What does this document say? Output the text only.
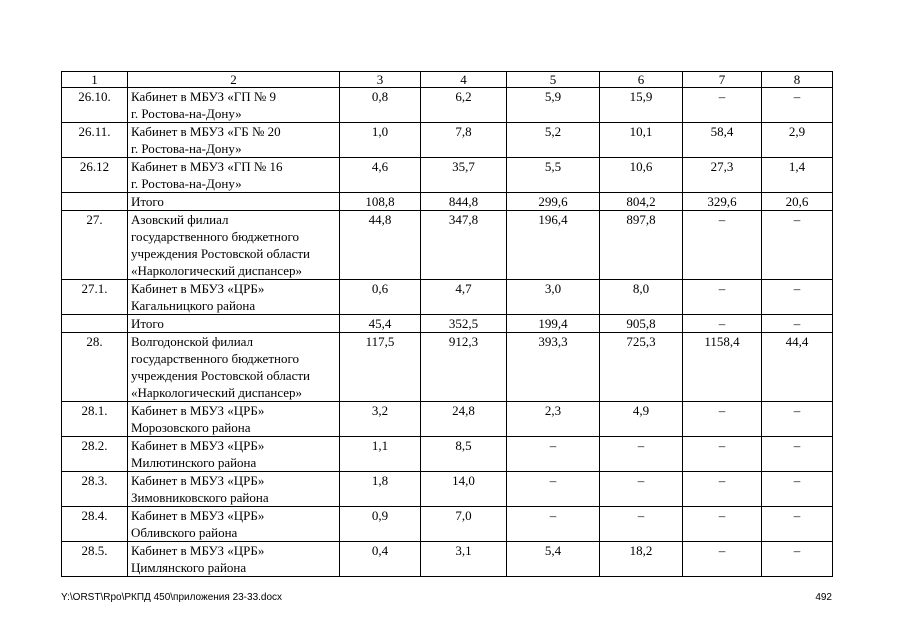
1	2	3	4	5	6	7	8
26.10.	Кабинет в МБУЗ «ГП № 9
г. Ростова-на-Дону»	0,8	6,2	5,9	15,9	–	–
26.11.	Кабинет в МБУЗ «ГБ № 20
г. Ростова-на-Дону»	1,0	7,8	5,2	10,1	58,4	2,9
26.12	Кабинет в МБУЗ «ГП № 16
г. Ростова-на-Дону»	4,6	35,7	5,5	10,6	27,3	1,4
	Итого	108,8	844,8	299,6	804,2	329,6	20,6
27.	Азовский филиал
государственного бюджетного
учреждения Ростовской области
«Наркологический диспансер»	44,8	347,8	196,4	897,8	–	–
27.1.	Кабинет в МБУЗ «ЦРБ»
Кагальницкого района	0,6	4,7	3,0	8,0	–	–
	Итого	45,4	352,5	199,4	905,8	–	–
28.	Волгодонской филиал
государственного бюджетного
учреждения Ростовской области
«Наркологический диспансер»	117,5	912,3	393,3	725,3	1158,4	44,4
28.1.	Кабинет в МБУЗ «ЦРБ»
Морозовского района	3,2	24,8	2,3	4,9	–	–
28.2.	Кабинет в МБУЗ «ЦРБ»
Милютинского района	1,1	8,5	–	–	–	–
28.3.	Кабинет в МБУЗ «ЦРБ»
Зимовниковского района	1,8	14,0	–	–	–	–
28.4.	Кабинет в МБУЗ «ЦРБ»
Обливского района	0,9	7,0	–	–	–	–
28.5.	Кабинет в МБУЗ «ЦРБ»
Цимлянского района	0,4	3,1	5,4	18,2	–	–
Y:\ORST\Rpo\РКПД 450\приложения 23-33.docx	492
